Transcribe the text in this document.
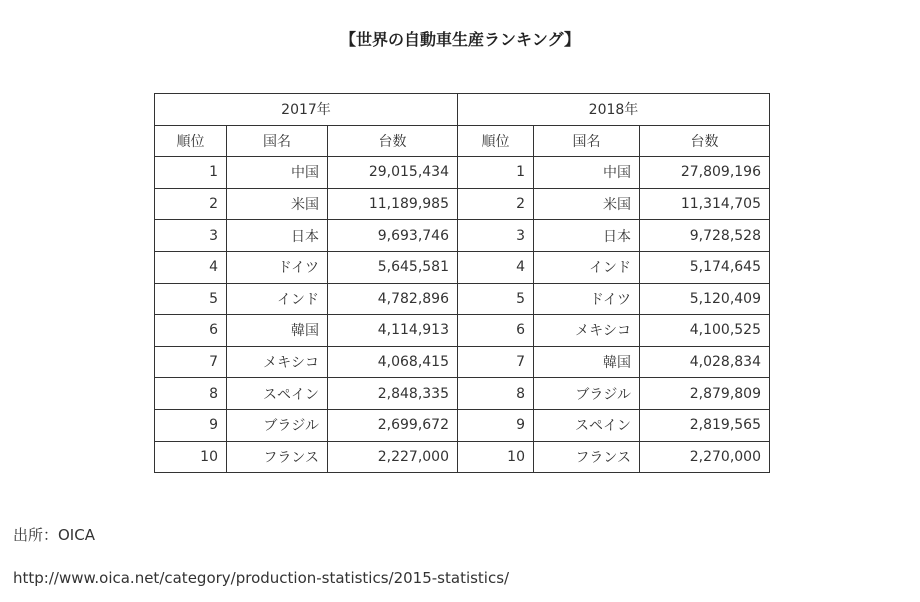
【世界の自動車生産ランキング】
2017年			2018年		
順位	国名	台数	順位	国名	台数
1	中国	29,015,434	1	中国	27,809,196
2	米国	11,189,985	2	米国	11,314,705
3	日本	9,693,746	3	日本	9,728,528
4	ドイツ	5,645,581	4	インド	5,174,645
5	インド	4,782,896	5	ドイツ	5,120,409
6	韓国	4,114,913	6	メキシコ	4,100,525
7	メキシコ	4,068,415	7	韓国	4,028,834
8	スペイン	2,848,335	8	ブラジル	2,879,809
9	ブラジル	2,699,672	9	スペイン	2,819,565
10	フランス	2,227,000	10	フランス	2,270,000
出所：OICA
http://www.oica.net/category/production-statistics/2015-statistics/
